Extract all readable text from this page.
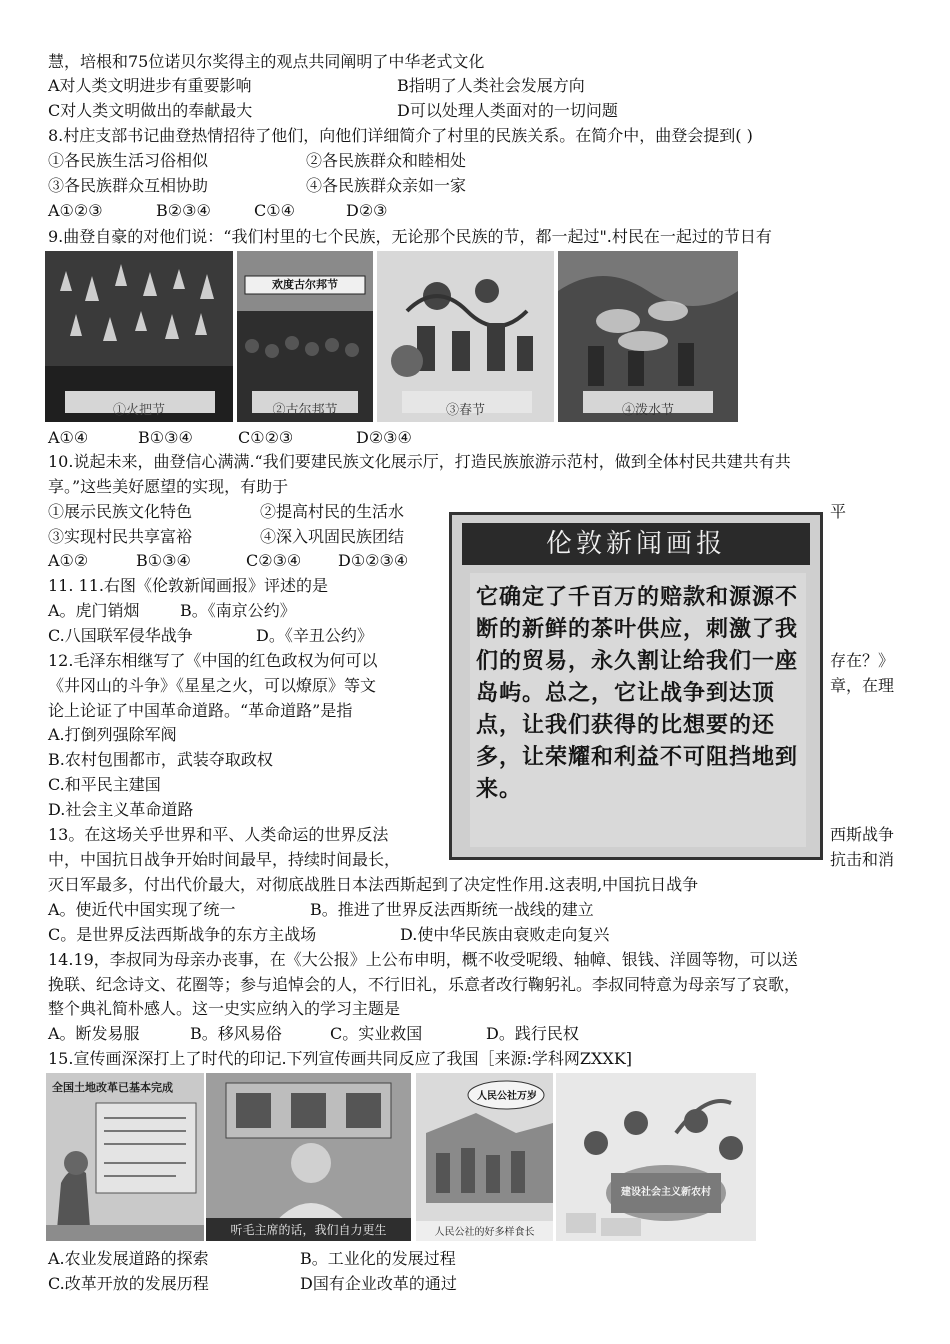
慧，培根和75位诺贝尔奖得主的观点共同阐明了中华老式文化
A对人类文明进步有重要影响	B指明了人类社会发展方向
C对人类文明做出的奉献最大	D可以处理人类面对的一切问题
8.村庄支部书记曲登热情招待了他们，向他们详细简介了村里的民族关系。在简介中，曲登会提到( )
①各民族生活习俗相似	②各民族群众和睦相处
③各民族群众互相协助	④各民族群众亲如一家
A①②③	B②③④	C①④	D②③
9.曲登自豪的对他们说：“我们村里的七个民族，无论那个民族的节，都一起过".村民在一起过的节日有
①火把节
欢度古尔邦节
②古尔邦节	③春节	④泼水节
A①④	B①③④	C①②③	D②③④
10.说起未来，曲登信心满满.“我们要建民族文化展示厅，打造民族旅游示范村，做到全体村民共建共有共
享。”这些美好愿望的实现，有助于
①展示民族文化特色	②提高村民的生活水	平
③实现村民共享富裕	④深入巩固民族团结
A①②	B①③④	C②③④ D①②③④
11. 11.右图《伦敦新闻画报》评述的是
A。虎门销烟	B。《南京公约》
C.八国联军侵华战争	D。《辛丑公约》
12.毛泽东相继写了《中国的红色政权为何可以	存在？》
《井冈山的斗争》《星星之火，可以燎原》等文	章，在理
论上论证了中国革命道路。“革命道路”是指
A.打倒列强除军阀
B.农村包围都市，武装夺取政权
C.和平民主建国
D.社会主义革命道路
伦敦新闻画报
它确定了千百万的赔款和源源不断的新鲜的茶叶供应，刺激了我们的贸易，永久割让给我们一座岛屿。总之，它让战争到达顶点，让我们获得的比想要的还多，让荣耀和利益不可阻挡地到来。
13。在这场关乎世界和平、人类命运的世界反法	西斯战争
中，中国抗日战争开始时间最早，持续时间最长，	抗击和消
灭日军最多，付出代价最大，对彻底战胜日本法西斯起到了决定性作用.这表明,中国抗日战争
A。使近代中国实现了统一	B。推进了世界反法西斯统一战线的建立
C。是世界反法西斯战争的东方主战场	D.使中华民族由衰败走向复兴
14.19，李叔同为母亲办丧事，在《大公报》上公布申明，概不收受呢缎、轴幛、银钱、洋圆等物，可以送
挽联、纪念诗文、花圈等；参与追悼会的人，不行旧礼，乐意者改行鞠躬礼。李叔同特意为母亲写了哀歌，
整个典礼简朴感人。这一史实应纳入的学习主题是
A。断发易服	B。移风易俗	C。实业救国	D。践行民权
15.宣传画深深打上了时代的印记.下列宣传画共同反应了我国［来源:学科网ZXXK]
全国土地改革已基本完成
听毛主席的话，我们自力更生
人民公社万岁
人民公社的好多样食长
建设社会主义新农村
A.农业发展道路的探索	B。工业化的发展过程
C.改革开放的发展历程	D国有企业改革的通过
